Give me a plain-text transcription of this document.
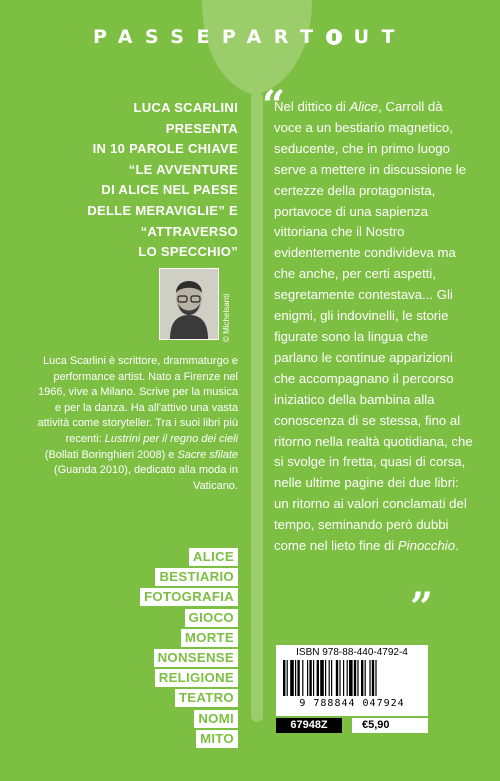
PASSEPART UT
LUCA SCARLINI
PRESENTA
IN 10 PAROLE CHIAVE
“LE AVVENTURE
DI ALICE NEL PAESE
DELLE MERAVIGLIE” E
“ATTRAVERSO
LO SPECCHIO”
© Michelsanti
Luca Scarlini è scrittore, drammaturgo e performance artist. Nato a Firenze nel 1966, vive a Milano. Scrive per la musica e per la danza. Ha all'attivo una vasta attività come storyteller. Tra i suoi libri più recenti: Lustrini per il regno dei cieli (Bollati Boringhieri 2008) e Sacre sfilate (Guanda 2010), dedicato alla moda in Vaticano.
ALICE
BESTIARIO
FOTOGRAFIA
GIOCO
MORTE
NONSENSE
RELIGIONE
TEATRO
NOMI
MITO
“

Nel dittico di Alice, Carroll dà voce a un bestiario magnetico, seducente, che in primo luogo serve a mettere in discussione le certezze della protagonista, portavoce di una sapienza vittoriana che il Nostro evidentemente condivideva ma che anche, per certi aspetti, segretamente contestava... Gli enigmi, gli indovinelli, le storie figurate sono la lingua che parlano le continue apparizioni che accompagnano il percorso iniziatico della bambina alla conoscenza di se stessa, fino al ritorno nella realtà quotidiana, che si svolge in fretta, quasi di corsa, nelle ultime pagine dei due libri: un ritorno ai valori conclamati del tempo, seminando però dubbi come nel lieto fine di Pinocchio.

”
ISBN 978-88-440-4792-4
9 788844 047924
67948Z	€5,90
